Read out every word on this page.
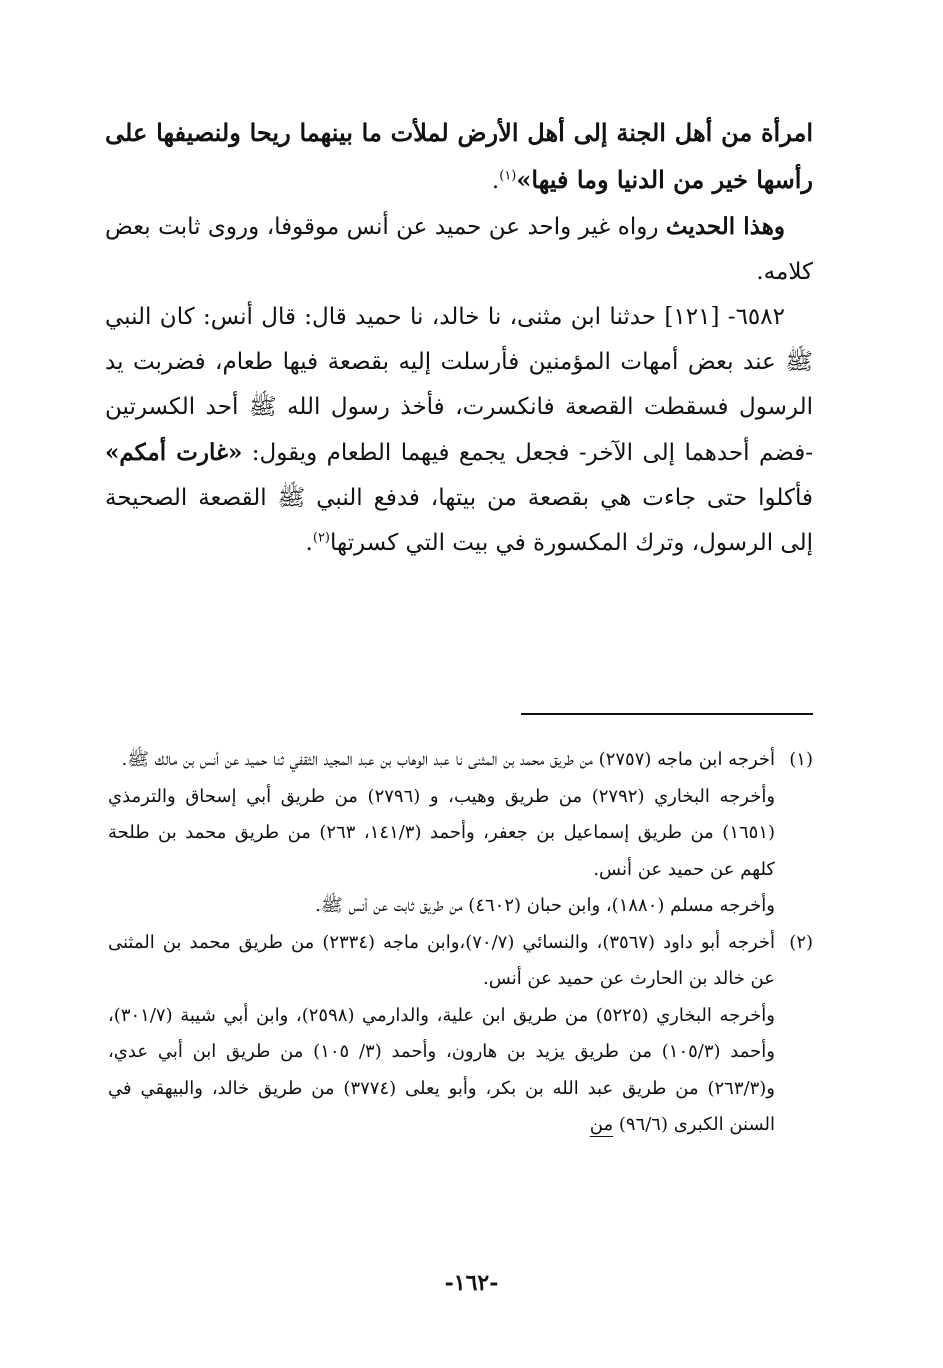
امرأة من أهل الجنة إلى أهل الأرض لملأت ما بينهما ريحا ولنصيفها على رأسها خير من الدنيا وما فيها»$^{(١)}$.

وهذا الحديث رواه غير واحد عن حميد عن أنس موقوفا، وروى ثابت بعض كلامه.

٦٥٨٢- [١٢١] حدثنا ابن مثنى، نا خالد، نا حميد قال: قال أنس: كان النبي ﷺ عند بعض أمهات المؤمنين فأرسلت إليه بقصعة فيها طعام، فضربت يد الرسول فسقطت القصعة فانكسرت، فأخذ رسول الله ﷺ أحد الكسرتين -فضم أحدهما إلى الآخر- فجعل يجمع فيهما الطعام ويقول: «غارت أمكم» فأكلوا حتى جاءت هي بقصعة من بيتها، فدفع النبي ﷺ القصعة الصحيحة إلى الرسول، وترك المكسورة في بيت التي كسرتها$^{(٢)}$.

(١)أخرجه ابن ماجه (٢٧٥٧) من طريق محمد بن المثنى نا عبد الوهاب بن عبد المجيد الثقفي ثنا حميد عن أنس بن مالك ﷺ.

وأخرجه البخاري (٢٧٩٢) من طريق وهيب، و (٢٧٩٦) من طريق أبي إسحاق والترمذي (١٦٥١) من طريق إسماعيل بن جعفر، وأحمد (١٤١/٣، ٢٦٣) من طريق محمد بن طلحة كلهم عن حميد عن أنس.

وأخرجه مسلم (١٨٨٠)، وابن حبان (٤٦٠٢) من طريق ثابت عن أنس ﷺ.

(٢)أخرجه أبو داود (٣٥٦٧)، والنسائي (٧٠/٧)،وابن ماجه (٢٣٣٤) من طريق محمد بن المثنى عن خالد بن الحارث عن حميد عن أنس.

وأخرجه البخاري (٥٢٢٥) من طريق ابن علية، والدارمي (٢٥٩٨)، وابن أبي شيبة (٣٠١/٧)، وأحمد (١٠٥/٣) من طريق يزيد بن هارون، وأحمد (٣/ ١٠٥) من طريق ابن أبي عدي، و(٢٦٣/٣) من طريق عبد الله بن بكر، وأبو يعلى (٣٧٧٤) من طريق خالد، والبيهقي في السنن الكبرى (٩٦/٦) من

-١٦٢-
